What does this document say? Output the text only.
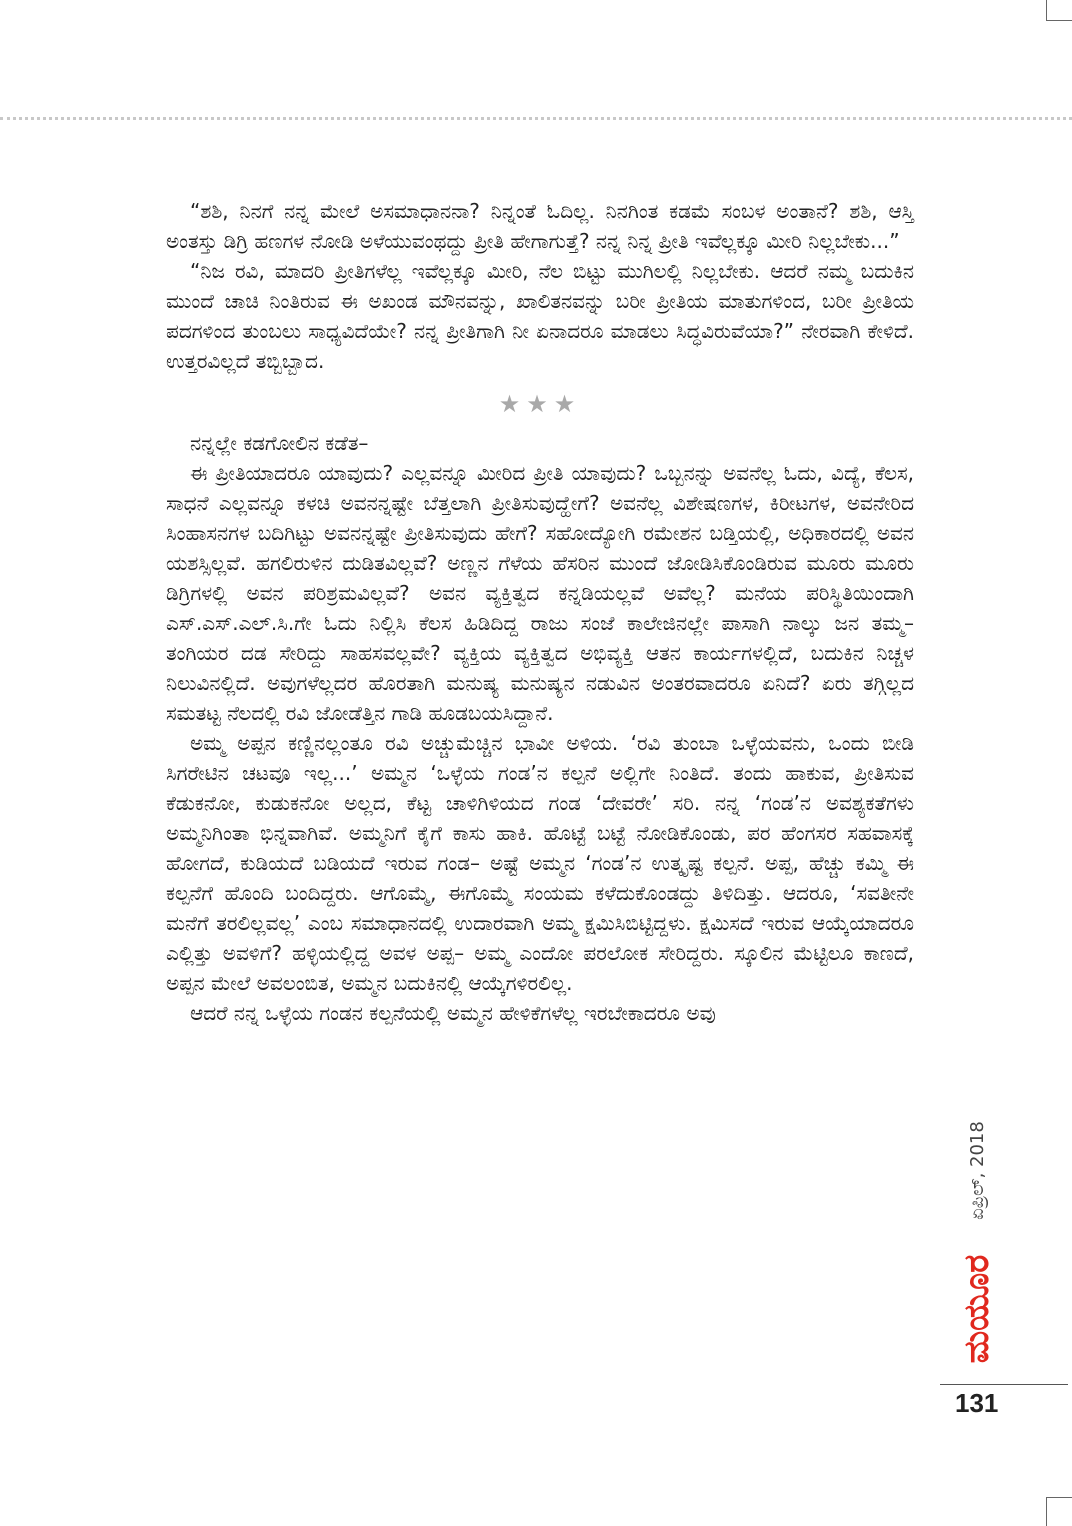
“ಶಶಿ, ನಿನಗೆ ನನ್ನ ಮೇಲೆ ಅಸಮಾಧಾನನಾ? ನಿನ್ನಂತೆ ಓದಿಲ್ಲ. ನಿನಗಿಂತ ಕಡಮೆ ಸಂಬಳ ಅಂತಾನೆ? ಶಶಿ, ಆಸ್ತಿ ಅಂತಸ್ತು ಡಿಗ್ರಿ ಹಣಗಳ ನೋಡಿ ಅಳೆಯುವಂಥದ್ದು ಪ್ರೀತಿ ಹೇಗಾಗುತ್ತೆ? ನನ್ನ ನಿನ್ನ ಪ್ರೀತಿ ಇವೆಲ್ಲಕ್ಕೂ ಮೀರಿ ನಿಲ್ಲಬೇಕು...”

“ನಿಜ ರವಿ, ಮಾದರಿ ಪ್ರೀತಿಗಳೆಲ್ಲ ಇವೆಲ್ಲಕ್ಕೂ ಮೀರಿ, ನೆಲ ಬಿಟ್ಟು ಮುಗಿಲಲ್ಲಿ ನಿಲ್ಲಬೇಕು. ಆದರೆ ನಮ್ಮ ಬದುಕಿನ ಮುಂದೆ ಚಾಚಿ ನಿಂತಿರುವ ಈ ಅಖಂಡ ಮೌನವನ್ನು, ಖಾಲಿತನವನ್ನು ಬರೀ ಪ್ರೀತಿಯ ಮಾತುಗಳಿಂದ, ಬರೀ ಪ್ರೀತಿಯ ಪದಗಳಿಂದ ತುಂಬಲು ಸಾಧ್ಯವಿದೆಯೇ? ನನ್ನ ಪ್ರೀತಿಗಾಗಿ ನೀ ಏನಾದರೂ ಮಾಡಲು ಸಿದ್ಧವಿರುವೆಯಾ?” ನೇರವಾಗಿ ಕೇಳಿದೆ. ಉತ್ತರವಿಲ್ಲದೆ ತಬ್ಬಿಬ್ಬಾದ.

★★★

ನನ್ನಲ್ಲೇ ಕಡಗೋಲಿನ ಕಡೆತ–

ಈ ಪ್ರೀತಿಯಾದರೂ ಯಾವುದು? ಎಲ್ಲವನ್ನೂ ಮೀರಿದ ಪ್ರೀತಿ ಯಾವುದು? ಒಬ್ಬನನ್ನು ಅವನೆಲ್ಲ ಓದು, ವಿದ್ಯೆ, ಕೆಲಸ, ಸಾಧನೆ ಎಲ್ಲವನ್ನೂ ಕಳಚಿ ಅವನನ್ನಷ್ಟೇ ಬೆತ್ತಲಾಗಿ ಪ್ರೀತಿಸುವುದ್ಹೇಗೆ? ಅವನೆಲ್ಲ ವಿಶೇಷಣಗಳ, ಕಿರೀಟಗಳ, ಅವನೇರಿದ ಸಿಂಹಾಸನಗಳ ಬದಿಗಿಟ್ಟು ಅವನನ್ನಷ್ಟೇ ಪ್ರೀತಿಸುವುದು ಹೇಗೆ? ಸಹೋದ್ಯೋಗಿ ರಮೇಶನ ಬಡ್ತಿಯಲ್ಲಿ, ಅಧಿಕಾರದಲ್ಲಿ ಅವನ ಯಶಸ್ಸಿಲ್ಲವೆ. ಹಗಲಿರುಳಿನ ದುಡಿತವಿಲ್ಲವೆ? ಅಣ್ಣನ ಗೆಳೆಯ ಹೆಸರಿನ ಮುಂದೆ ಜೋಡಿಸಿಕೊಂಡಿರುವ ಮೂರು ಮೂರು ಡಿಗ್ರಿಗಳಲ್ಲಿ ಅವನ ಪರಿಶ್ರಮವಿಲ್ಲವೆ? ಅವನ ವ್ಯಕ್ತಿತ್ವದ ಕನ್ನಡಿಯಲ್ಲವೆ ಅವೆಲ್ಲ? ಮನೆಯ ಪರಿಸ್ಥಿತಿಯಿಂದಾಗಿ ಎಸ್.ಎಸ್.ಎಲ್.ಸಿ.ಗೇ ಓದು ನಿಲ್ಲಿಸಿ ಕೆಲಸ ಹಿಡಿದಿದ್ದ ರಾಜು ಸಂಜೆ ಕಾಲೇಜಿನಲ್ಲೇ ಪಾಸಾಗಿ ನಾಲ್ಕು ಜನ ತಮ್ಮ– ತಂಗಿಯರ ದಡ ಸೇರಿದ್ದು ಸಾಹಸವಲ್ಲವೇ? ವ್ಯಕ್ತಿಯ ವ್ಯಕ್ತಿತ್ವದ ಅಭಿವ್ಯಕ್ತಿ ಆತನ ಕಾರ್ಯಗಳಲ್ಲಿದೆ, ಬದುಕಿನ ನಿಚ್ಚಳ ನಿಲುವಿನಲ್ಲಿದೆ. ಅವುಗಳೆಲ್ಲದರ ಹೊರತಾಗಿ ಮನುಷ್ಯ ಮನುಷ್ಯನ ನಡುವಿನ ಅಂತರವಾದರೂ ಏನಿದೆ? ಏರು ತಗ್ಗಿಲ್ಲದ ಸಮತಟ್ಟ ನೆಲದಲ್ಲಿ ರವಿ ಜೋಡೆತ್ತಿನ ಗಾಡಿ ಹೂಡಬಯಸಿದ್ದಾನೆ.

ಅಮ್ಮ ಅಪ್ಪನ ಕಣ್ಣಿನಲ್ಲಂತೂ ರವಿ ಅಚ್ಚುಮೆಚ್ಚಿನ ಭಾವೀ ಅಳಿಯ. ‘ರವಿ ತುಂಬಾ ಒಳ್ಳೆಯವನು, ಒಂದು ಬೀಡಿ ಸಿಗರೇಟಿನ ಚಟವೂ ಇಲ್ಲ...’ ಅಮ್ಮನ ‘ಒಳ್ಳೆಯ ಗಂಡ’ನ ಕಲ್ಪನೆ ಅಲ್ಲಿಗೇ ನಿಂತಿದೆ. ತಂದು ಹಾಕುವ, ಪ್ರೀತಿಸುವ ಕೆಡುಕನೋ, ಕುಡುಕನೋ ಅಲ್ಲದ, ಕೆಟ್ಟ ಚಾಳಿಗಿಳಿಯದ ಗಂಡ ‘ದೇವರೇ’ ಸರಿ. ನನ್ನ ‘ಗಂಡ’ನ ಅವಶ್ಯಕತೆಗಳು ಅಮ್ಮನಿಗಿಂತಾ ಭಿನ್ನವಾಗಿವೆ. ಅಮ್ಮನಿಗೆ ಕೈಗೆ ಕಾಸು ಹಾಕಿ. ಹೊಟ್ಟೆ ಬಟ್ಟೆ ನೋಡಿಕೊಂಡು, ಪರ ಹೆಂಗಸರ ಸಹವಾಸಕ್ಕೆ ಹೋಗದೆ, ಕುಡಿಯದೆ ಬಡಿಯದೆ ಇರುವ ಗಂಡ– ಅಷ್ಟೆ ಅಮ್ಮನ ‘ಗಂಡ’ನ ಉತ್ಕೃಷ್ಟ ಕಲ್ಪನೆ. ಅಪ್ಪ, ಹೆಚ್ಚು ಕಮ್ಮಿ ಈ ಕಲ್ಪನೆಗೆ ಹೊಂದಿ ಬಂದಿದ್ದರು. ಆಗೊಮ್ಮೆ, ಈಗೊಮ್ಮೆ ಸಂಯಮ ಕಳೆದುಕೊಂಡದ್ದು ತಿಳಿದಿತ್ತು. ಆದರೂ, ‘ಸವತೀನೇ ಮನೆಗೆ ತರಲಿಲ್ಲವಲ್ಲ’ ಎಂಬ ಸಮಾಧಾನದಲ್ಲಿ ಉದಾರವಾಗಿ ಅಮ್ಮ ಕ್ಷಮಿಸಿಬಿಟ್ಟಿದ್ದಳು. ಕ್ಷಮಿಸದೆ ಇರುವ ಆಯ್ಕೆಯಾದರೂ ಎಲ್ಲಿತ್ತು ಅವಳಿಗೆ? ಹಳ್ಳಿಯಲ್ಲಿದ್ದ ಅವಳ ಅಪ್ಪ– ಅಮ್ಮ ಎಂದೋ ಪರಲೋಕ ಸೇರಿದ್ದರು. ಸ್ಕೂಲಿನ ಮೆಟ್ಟಿಲೂ ಕಾಣದೆ, ಅಪ್ಪನ ಮೇಲೆ ಅವಲಂಬಿತ, ಅಮ್ಮನ ಬದುಕಿನಲ್ಲಿ ಆಯ್ಕೆಗಳಿರಲಿಲ್ಲ.

ಆದರೆ ನನ್ನ ಒಳ್ಳೆಯ ಗಂಡನ ಕಲ್ಪನೆಯಲ್ಲಿ ಅಮ್ಮನ ಹೇಳಿಕೆಗಳೆಲ್ಲ ಇರಬೇಕಾದರೂ ಅವು

ಏಪ್ರಿಲ್, 2018
ಮಯೂರ
131
